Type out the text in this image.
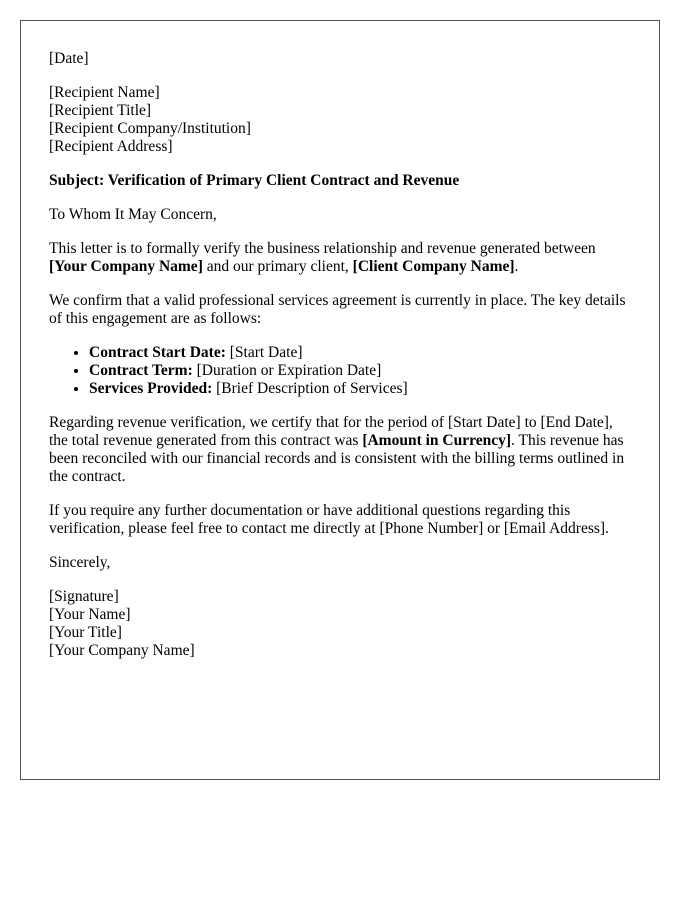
[Date]

[Recipient Name]
[Recipient Title]
[Recipient Company/Institution]
[Recipient Address]

Subject: Verification of Primary Client Contract and Revenue

To Whom It May Concern,

This letter is to formally verify the business relationship and revenue generated between [Your Company Name] and our primary client, [Client Company Name].

We confirm that a valid professional services agreement is currently in place. The key details of this engagement are as follows:

• Contract Start Date: [Start Date]
• Contract Term: [Duration or Expiration Date]
• Services Provided: [Brief Description of Services]

Regarding revenue verification, we certify that for the period of [Start Date] to [End Date], the total revenue generated from this contract was [Amount in Currency]. This revenue has been reconciled with our financial records and is consistent with the billing terms outlined in the contract.

If you require any further documentation or have additional questions regarding this verification, please feel free to contact me directly at [Phone Number] or [Email Address].

Sincerely,

[Signature]
[Your Name]
[Your Title]
[Your Company Name]
